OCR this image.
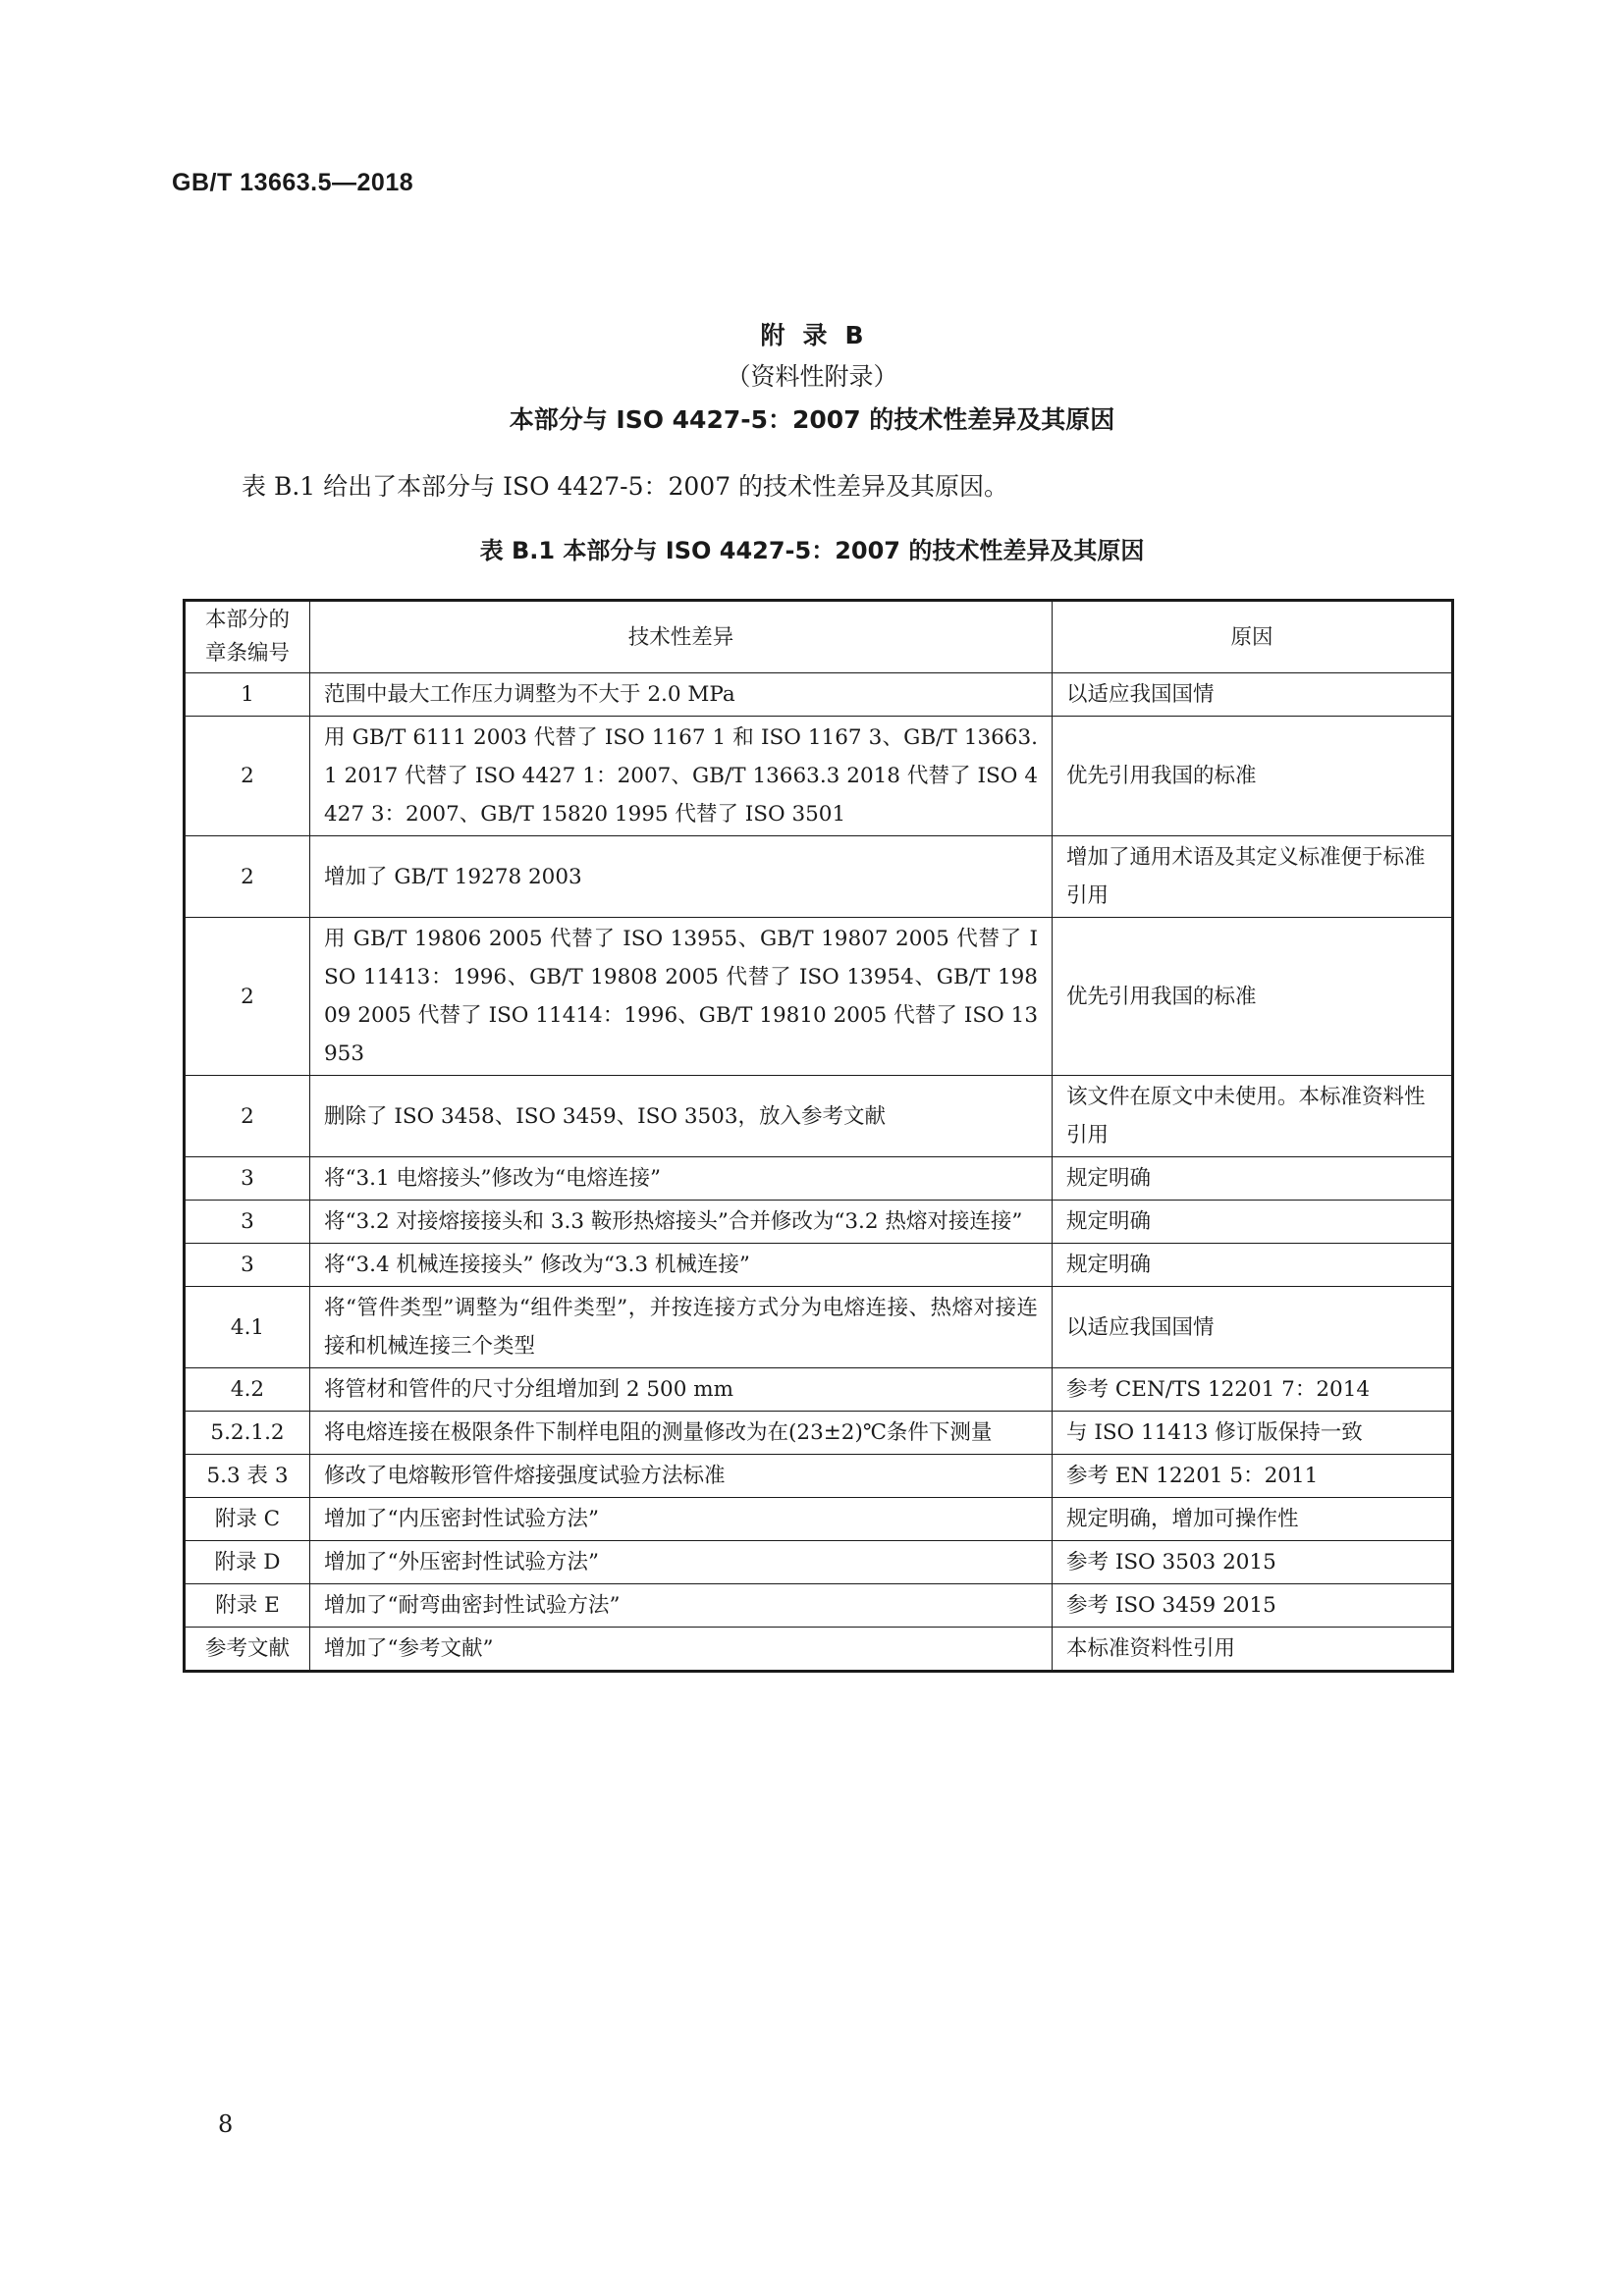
GB/T 13663.5—2018
附录B
（资料性附录）
本部分与 ISO 4427-5：2007 的技术性差异及其原因
表 B.1 给出了本部分与 ISO 4427-5：2007 的技术性差异及其原因。
表 B.1 本部分与 ISO 4427-5：2007 的技术性差异及其原因
本部分的章条编号	技术性差异	原因
1	范围中最大工作压力调整为不大于 2.0 MPa	以适应我国国情
2	用 GB/T 6111 2003 代替了 ISO 1167 1 和 ISO 1167 3、GB/T 13663.1 2017 代替了 ISO 4427 1：2007、GB/T 13663.3 2018 代替了 ISO 4427 3：2007、GB/T 15820 1995 代替了 ISO 3501	优先引用我国的标准
2	增加了 GB/T 19278 2003	增加了通用术语及其定义标准便于标准引用
2	用 GB/T 19806 2005 代替了 ISO 13955、GB/T 19807 2005 代替了 ISO 11413：1996、GB/T 19808 2005 代替了 ISO 13954、GB/T 19809 2005 代替了 ISO 11414：1996、GB/T 19810 2005 代替了 ISO 13953	优先引用我国的标准
2	删除了 ISO 3458、ISO 3459、ISO 3503，放入参考文献	该文件在原文中未使用。本标准资料性引用
3	将“3.1 电熔接头”修改为“电熔连接”	规定明确
3	将“3.2 对接熔接接头和 3.3 鞍形热熔接头”合并修改为“3.2 热熔对接连接”	规定明确
3	将“3.4 机械连接接头” 修改为“3.3 机械连接”	规定明确
4.1	将“管件类型”调整为“组件类型”，并按连接方式分为电熔连接、热熔对接连接和机械连接三个类型	以适应我国国情
4.2	将管材和管件的尺寸分组增加到 2 500 mm	参考 CEN/TS 12201 7：2014
5.2.1.2	将电熔连接在极限条件下制样电阻的测量修改为在(23±2)℃条件下测量	与 ISO 11413 修订版保持一致
5.3 表 3	修改了电熔鞍形管件熔接强度试验方法标准	参考 EN 12201 5：2011
附录 C	增加了“内压密封性试验方法”	规定明确，增加可操作性
附录 D	增加了“外压密封性试验方法”	参考 ISO 3503 2015
附录 E	增加了“耐弯曲密封性试验方法”	参考 ISO 3459 2015
参考文献	增加了“参考文献”	本标准资料性引用
8
